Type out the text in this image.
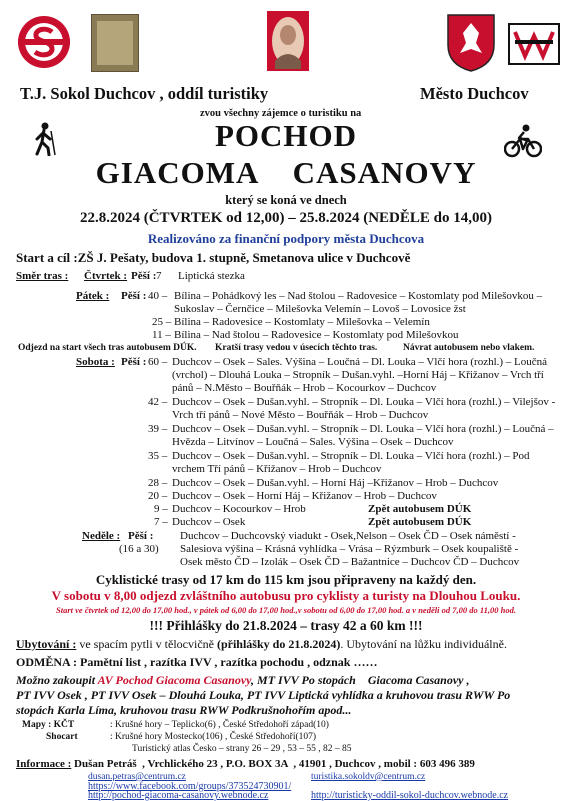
T.J. Sokol Duchcov , oddíl turistiky	Město Duchcov
zvou všechny zájemce o turistiku na
POCHOD
GIACOMA    CASANOVY
který se koná ve dnech
22.8.2024 (ČTVRTEK od 12,00) – 25.8.2024 (NEDĚLE do 14,00)
Realizováno za finanční podpory města Duchcova
Start a cíl :ZŠ J. Pešaty, budova 1. stupně, Smetanova ulice v Duchcově
Směr tras : Čtvrtek : Pěší : 7 Liptická stezka
Pátek : Pěší : 40 – Bílina – Pohádkový les – Nad štolou – Radovesice – Kostomlaty pod Milešovkou –
Sukoslav – Černčice – Milešovka Velemín – Lovoš – Lovosice žst
25 – Bílina – Radovesice – Kostomlaty – Milešovka – Velemín
11 – Bílina – Nad štolou – Radovesice – Kostomlaty pod Milešovkou
Odjezd na start všech tras autobusem DÚK. Kratší trasy vedou v úsecích těchto tras.	Návrat autobusem nebo vlakem.
Sobota : Pěší : 60 – Duchcov – Osek – Sales. Výšina – Loučná – Dl. Louka – Vlčí hora (rozhl.) – Loučná
(vrchol) – Dlouhá Louka – Stropník – Dušan.vyhl. –Horní Háj – Křižanov – Vrch tří
pánů – N.Město – Bouřňák – Hrob – Kocourkov – Duchcov
42 – Duchcov – Osek – Dušan.vyhl. – Stropník – Dl. Louka – Vlčí hora (rozhl.) – Vilejšov -
Vrch tří pánů – Nové Město – Bouřňák – Hrob – Duchcov
39 – Duchcov – Osek – Dušan.vyhl. – Stropník – Dl. Louka – Vlčí hora (rozhl.) – Loučná –
Hvězda – Litvínov – Loučná – Sales. Výšina – Osek – Duchcov
35 – Duchcov – Osek – Dušan.vyhl. – Stropník – Dl. Louka – Vlčí hora (rozhl.) – Pod
vrchem Tří pánů – Křižanov – Hrob – Duchcov
28 – Duchcov – Osek – Dušan.vyhl. – Horní Háj –Křižanov – Hrob – Duchcov
20 – Duchcov – Osek – Horní Háj – Křižanov – Hrob – Duchcov
9 – Duchcov – Kocourkov – Hrob	Zpět autobusem DÚK
7 – Duchcov – Osek	Zpět autobusem DÚK
Neděle : Pěší :
(16 a 30)
Duchcov – Duchcovský viadukt - Osek,Nelson – Osek ČD – Osek náměstí -
Salesiova výšina – Krásná vyhlídka – Vrása – Rýzmburk – Osek koupaliště -
Osek město ČD – Izolák – Osek ČD – Bažantnice – Duchcov ČD – Duchcov
Cyklistické trasy od 17 km do 115 km jsou připraveny na každý den.
V sobotu v 8,00 odjezd zvláštního autobusu pro cyklisty a turisty na Dlouhou Louku.
Start ve čtvrtek od 12,00 do 17,00 hod., v pátek od 6,00 do 17,00 hod.,v sobotu od 6,00 do 17,00 hod. a v neděli od 7,00 do 11,00 hod.
!!! Přihlášky do 21.8.2024 – trasy 42 a 60 km !!!
Ubytování : ve spacím pytli v tělocvičně (přihlášky do 21.8.2024). Ubytování na lůžku individuálně.
ODMĚNA : Pamětní list , razítka IVV , razítka pochodu , odznak ……
Možno zakoupit AV Pochod Giacoma Casanovy, MT IVV Po stopách    Giacoma Casanovy ,
PT IVV Osek , PT IVV Osek – Dlouhá Louka, PT IVV Liptická vyhlídka a kruhovou trasu RWW Po
stopách Karla Líma, kruhovou trasu RWW Podkrušnohořím apod...
Mapy : KČT	: Krušné hory – Teplicko(6) , České Středohoří západ(10)
Shocart	: Krušné hory Mostecko(106) , České Středohoří(107)
Turistický atlas Česko – strany 26 – 29 , 53 – 55 , 82 – 85
Informace : Dušan Petráš  , Vrchlického 23 , P.O. BOX 3A  , 41901 , Duchcov , mobil : 603 496 389
dusan.petras@centrum.cz	turistika.sokoldv@centrum.cz
https://www.facebook.com/groups/373524730901/
http://pochod-giacoma-casanovy.webnode.cz	http://turisticky-oddil-sokol-duchcov.webnode.cz
